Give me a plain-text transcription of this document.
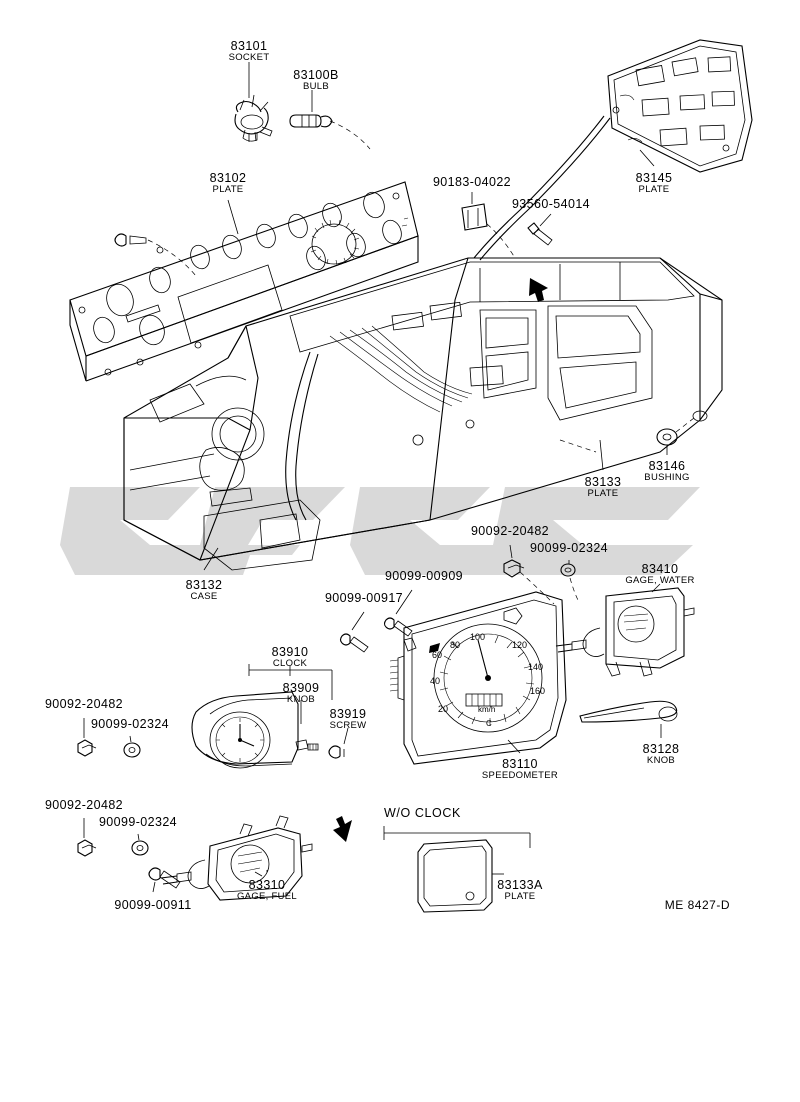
80
100
120
140
160
60
40
20	km/h
C
83101
SOCKET
83100B
BULB
83102
PLATE
90183-04022
93560-54014
83145
PLATE
83146
BUSHING
83133
PLATE
83132
CASE
90092-20482
90099-02324
83410
GAGE, WATER
90099-00909
90099-00917
83910
CLOCK
83909
KNOB
83919
SCREW
83110
SPEEDOMETER
83128
KNOB
90092-20482
90099-02324
90092-20482
90099-02324
90099-00911
83310
GAGE, FUEL
83133A
PLATE
W/O CLOCK
ME 8427-D
